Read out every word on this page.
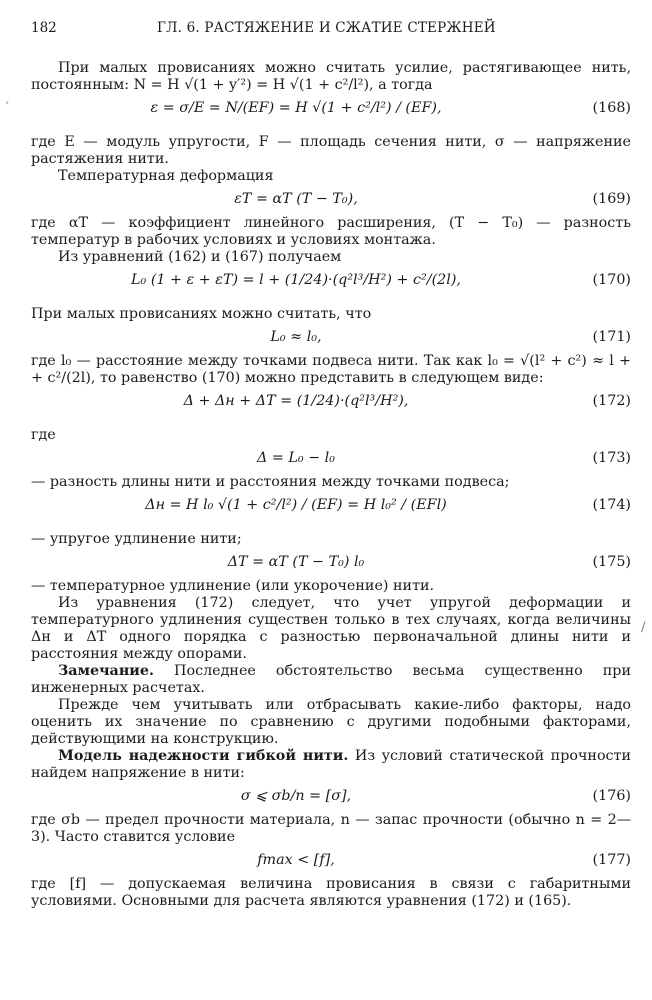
182	ГЛ. 6. РАСТЯЖЕНИЕ И СЖАТИЕ СТЕРЖНЕЙ

При малых провисаниях можно считать усилие, растягивающее нить, постоянным: N = H √(1 + y′²) = H √(1 + c²/l²), а тогда

ε = σ/E = N/(EF) = H √(1 + c²/l²) / (EF),	(168)

где E — модуль упругости, F — площадь сечения нити, σ — напряжение растяжения нити.

Температурная деформация

εT = αT (T − T₀),	(169)

где αT — коэффициент линейного расширения, (T − T₀) — разность температур в рабочих условиях и условиях монтажа.

Из уравнений (162) и (167) получаем

L₀ (1 + ε + εT) = l + (1/24)·(q²l³/H²) + c²/(2l),	(170)

При малых провисаниях можно считать, что

L₀ ≈ l₀,	(171)

где l₀ — расстояние между точками подвеса нити. Так как l₀ = √(l² + c²) ≈ l + + c²/(2l), то равенство (170) можно представить в следующем виде:

Δ + Δн + ΔT = (1/24)·(q²l³/H²),	(172)

где

Δ = L₀ − l₀	(173)

— разность длины нити и расстояния между точками подвеса;

Δн = H l₀ √(1 + c²/l²) / (EF) = H l₀² / (EFl)	(174)

— упругое удлинение нити;

ΔT = αT (T − T₀) l₀	(175)

— температурное удлинение (или укорочение) нити.

Из уравнения (172) следует, что учет упругой деформации и температурного удлинения существен только в тех случаях, когда величины Δн и ΔT одного порядка с разностью первоначальной длины нити и расстояния между опорами.

Замечание. Последнее обстоятельство весьма существенно при инженерных расчетах.

Прежде чем учитывать или отбрасывать какие-либо факторы, надо оценить их значение по сравнению с другими подобными факторами, действующими на конструкцию.

Модель надежности гибкой нити. Из условий статической прочности найдем напряжение в нити:

σ ⩽ σb/n = [σ],	(176)

где σb — предел прочности материала, n — запас прочности (обычно n = 2—3). Часто ставится условие

fmax < [f],	(177)

где [f] — допускаемая величина провисания в связи с габаритными условиями. Основными для расчета являются уравнения (172) и (165).

′
/
